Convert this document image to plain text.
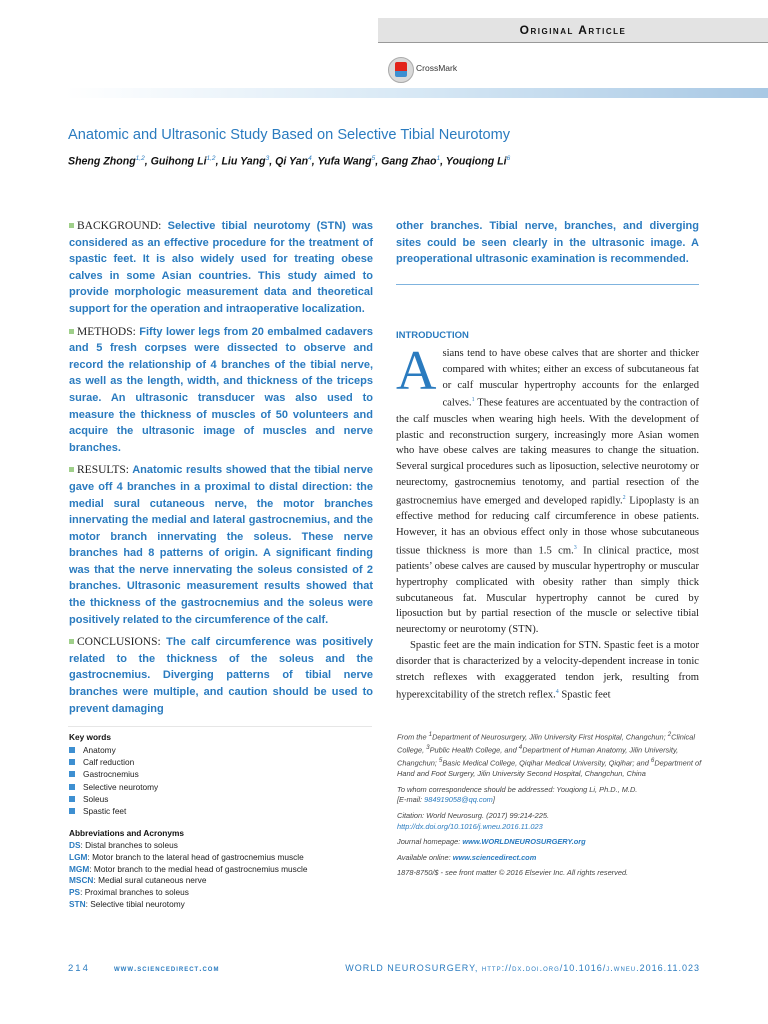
Original Article
CrossMark
Anatomic and Ultrasonic Study Based on Selective Tibial Neurotomy
Sheng Zhong$^{1,2}$, Guihong Li$^{1,2}$, Liu Yang$^3$, Qi Yan$^4$, Yufa Wang$^5$, Gang Zhao$^1$, Youqiong Li$^6$

BACKGROUND: Selective tibial neurotomy (STN) was considered as an effective procedure for the treatment of spastic feet. It is also widely used for treating obese calves in some Asian countries. This study aimed to provide morphologic measurement data and theoretical support for the operation and intraoperative localization.

METHODS: Fifty lower legs from 20 embalmed cadavers and 5 fresh corpses were dissected to observe and record the relationship of 4 branches of the tibial nerve, as well as the length, width, and thickness of the triceps surae. An ultrasonic transducer was also used to measure the thickness of muscles of 50 volunteers and acquire the ultrasonic image of muscles and nerve branches.

RESULTS: Anatomic results showed that the tibial nerve gave off 4 branches in a proximal to distal direction: the medial sural cutaneous nerve, the motor branches innervating the medial and lateral gastrocnemius, and the motor branch innervating the soleus. These nerve branches had 8 patterns of origin. A significant finding was that the nerve innervating the soleus consisted of 2 branches. Ultrasonic measurement results showed that the thickness of the gastrocnemius and the soleus were positively related to the circumference of the calf.

CONCLUSIONS: The calf circumference was positively related to the thickness of the soleus and the gastrocnemius. Diverging patterns of tibial nerve branches were multiple, and caution should be used to prevent damaging

other branches. Tibial nerve, branches, and diverging sites could be seen clearly in the ultrasonic image. A preoperational ultrasonic examination is recommended.

INTRODUCTION

Asians tend to have obese calves that are shorter and thicker compared with whites; either an excess of subcutaneous fat or calf muscular hypertrophy accounts for the enlarged calves.$^1$ These features are accentuated by the contraction of the calf muscles when wearing high heels. With the development of plastic and reconstruction surgery, increasingly more Asian women who have obese calves are taking measures to change the situation. Several surgical procedures such as liposuction, selective neurotomy or neurectomy, gastrocnemius tenotomy, and partial resection of the gastrocnemius have emerged and developed rapidly.$^2$ Lipoplasty is an effective method for reducing calf circumference in obese patients. However, it has an obvious effect only in those whose subcutaneous tissue thickness is more than 1.5 cm.$^3$ In clinical practice, most patients’ obese calves are caused by muscular hypertrophy or muscular hypertrophy complicated with obesity rather than simply thick subcutaneous fat. Muscular hypertrophy cannot be cured by liposuction but by partial resection of the muscle or selective tibial neurectomy or neurotomy (STN).

Spastic feet are the main indication for STN. Spastic feet is a motor disorder that is characterized by a velocity-dependent increase in tonic stretch reflexes with exaggerated tendon jerk, resulting from hyperexcitability of the stretch reflex.$^4$ Spastic feet

Key words
Anatomy
Calf reduction
Gastrocnemius
Selective neurotomy
Soleus
Spastic feet
Abbreviations and Acronyms
DS: Distal branches to soleus
LGM: Motor branch to the lateral head of gastrocnemius muscle
MGM: Motor branch to the medial head of gastrocnemius muscle
MSCN: Medial sural cutaneous nerve
PS: Proximal branches to soleus
STN: Selective tibial neurotomy

From the $^1$Department of Neurosurgery, Jilin University First Hospital, Changchun; $^2$Clinical College, $^3$Public Health College, and $^4$Department of Human Anatomy, Jilin University, Changchun; $^5$Basic Medical College, Qiqihar Medical University, Qiqihar; and $^6$Department of Hand and Foot Surgery, Jilin University Second Hospital, Changchun, China

To whom correspondence should be addressed: Youqiong Li, Ph.D., M.D.
[E-mail: 984919058@qq.com]

Citation: World Neurosurg. (2017) 99:214-225.
http://dx.doi.org/10.1016/j.wneu.2016.11.023

Journal homepage: www.WORLDNEUROSURGERY.org

Available online: www.sciencedirect.com

1878-8750/$ - see front matter © 2016 Elsevier Inc. All rights reserved.

214	www.sciencedirect.com	WORLD NEUROSURGERY, http://dx.doi.org/10.1016/j.wneu.2016.11.023
